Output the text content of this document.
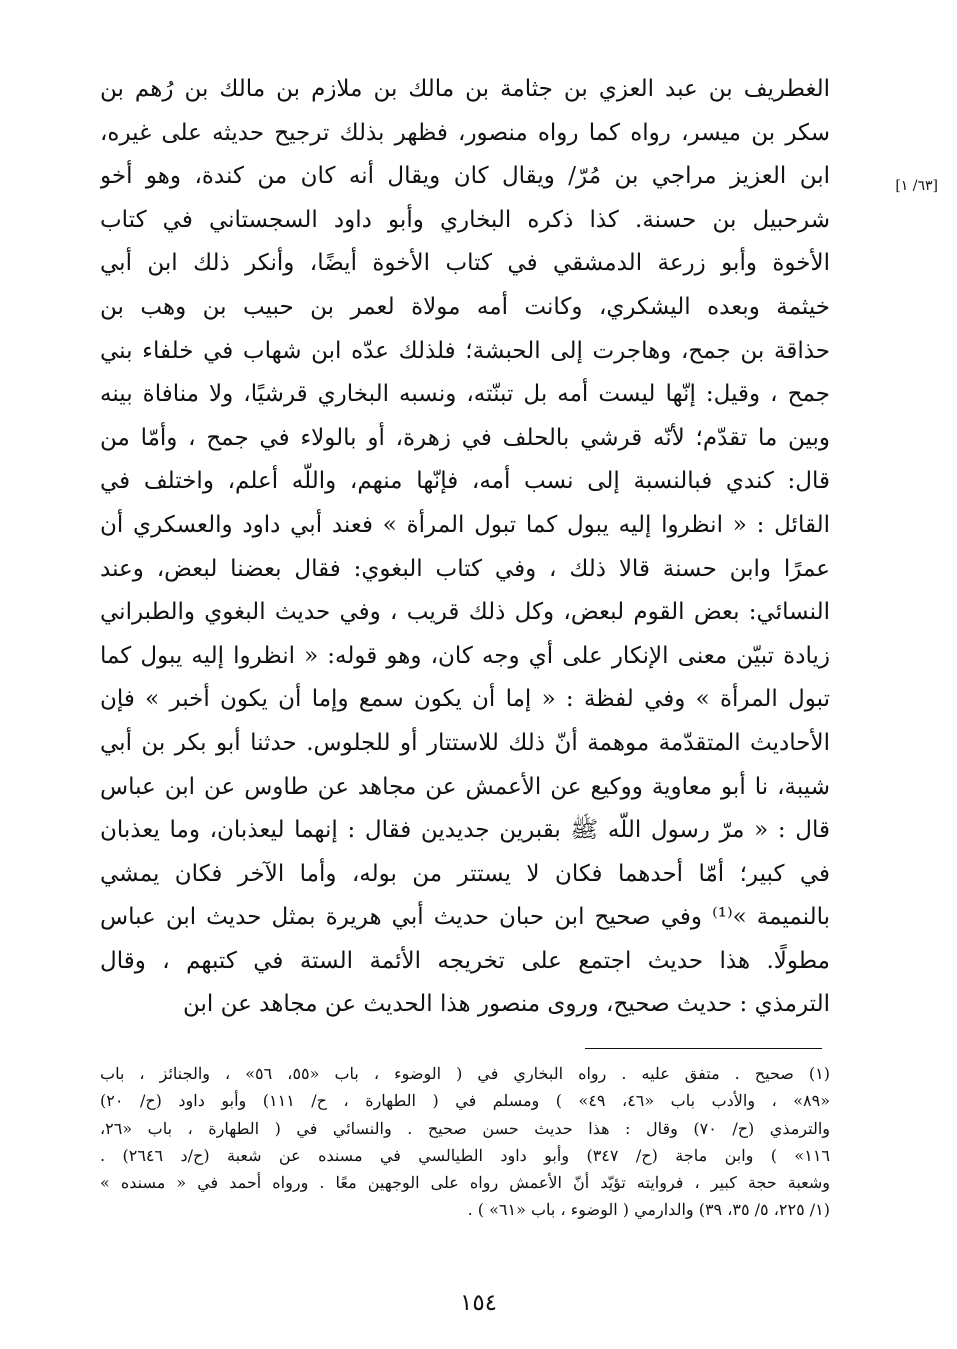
[٦٣/ ١]
الغطريف بن عبد العزي بن جثامة بن مالك بن ملازم بن مالك بن رُهم بن
سكر بن ميسر، رواه كما رواه منصور، فظهر بذلك ترجيح حديثه على غيره،
ابن العزيز مراجي بن مُرّ/ ويقال كان ويقال أنه كان من كندة، وهو أخو
شرحبيل بن حسنة. كذا ذكره البخاري وأبو داود السجستاني في كتاب
الأخوة وأبو زرعة الدمشقي في كتاب الأخوة أيضًا، وأنكر ذلك ابن أبي
خيثمة وبعده اليشكري، وكانت أمه مولاة لعمر بن حبيب بن وهب بن
حذاقة بن جمح، وهاجرت إلى الحبشة؛ فلذلك عدّه ابن شهاب في خلفاء بني
جمح ، وقيل: إنّها ليست أمه بل تبنّته، ونسبه البخاري قرشيًا، ولا منافاة بينه
وبين ما تقدّم؛ لأنّه قرشي بالحلف في زهرة، أو بالولاء في جمح ، وأمّا من
قال: كندي فبالنسبة إلى نسب أمه، فإنّها منهم، واللّه أعلم، واختلف في
القائل : « انظروا إليه يبول كما تبول المرأة » فعند أبي داود والعسكري أن
عمرًا وابن حسنة قالا ذلك ، وفي كتاب البغوي: فقال بعضنا لبعض، وعند
النسائي: بعض القوم لبعض، وكل ذلك قريب ، وفي حديث البغوي والطبراني
زيادة تبيّن معنى الإنكار على أي وجه كان، وهو قوله: « انظروا إليه يبول كما
تبول المرأة » وفي لفظة : « إما أن يكون سمع وإما أن يكون أخبر » فإن
الأحاديث المتقدّمة موهمة أنّ ذلك للاستتار أو للجلوس. حدثنا أبو بكر بن أبي
شيبة، نا أبو معاوية ووكيع عن الأعمش عن مجاهد عن طاوس عن ابن عباس
قال : « مرّ رسول اللّه ﷺ بقبرين جديدين فقال : إنهما ليعذبان، وما يعذبان
في كبير؛ أمّا أحدهما فكان لا يستتر من بوله، وأما الآخر فكان يمشي
بالنميمة »⁽¹⁾ وفي صحيح ابن حبان حديث أبي هريرة بمثل حديث ابن عباس
مطولًا. هذا حديث اجتمع على تخريجه الأئمة الستة في كتبهم ، وقال
الترمذي : حديث صحيح، وروى منصور هذا الحديث عن مجاهد عن ابن
(١) صحيح . متفق عليه . رواه البخاري في ( الوضوء ، باب «٥٥، ٥٦» ، والجنائز ، باب
«٨٩» ، والأدب باب «٤٦، ٤٩» ) ومسلم في ( الطهارة ، ح/ ١١١) وأبو داود (ح/ ٢٠)
والترمذي (ح/ ٧٠) وقال : هذا حديث حسن صحيح . والنسائي في ( الطهارة ، باب «٢٦،
١١٦» ) وابن ماجة (ح/ ٣٤٧) وأبو داود الطيالسي في مسنده عن شعبة (ح/د ٢٦٤٦) .
وشعبة حجة كبير ، فروايته تؤيّد أنّ الأعمش رواه على الوجهين معًا . ورواه أحمد في « مسنده »
(١/ ٢٢٥، ٥/ ٣٥، ٣٩) والدارمي ( الوضوء ، باب «٦١» ) .
١٥٤
